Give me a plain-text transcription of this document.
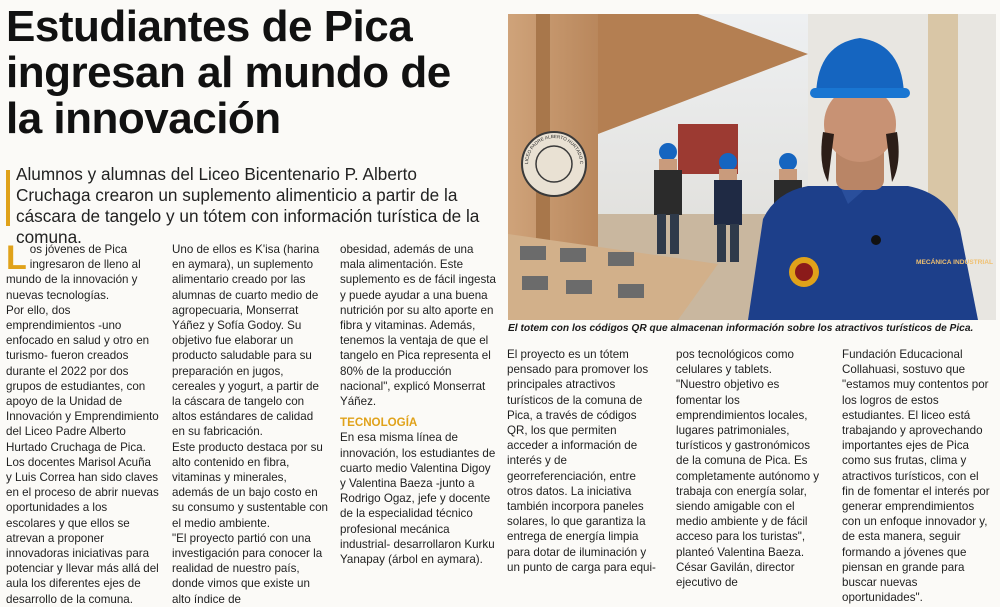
Estudiantes de Pica ingresan al mundo de la innovación

Alumnos y alumnas del Liceo Bicentenario P. Alberto Cruchaga crearon un suplemento alimenticio a partir de la cáscara de tangelo y un tótem con información turística de la comuna.

Los jóvenes de Pica ingresaron de lleno al mundo de la innovación y nuevas tecnologías.

Por ello, dos emprendimientos -uno enfocado en salud y otro en turismo- fueron creados durante el 2022 por dos grupos de estudiantes, con apoyo de la Unidad de Innovación y Emprendimiento del Liceo Padre Alberto Hurtado Cruchaga de Pica.

Los docentes Marisol Acuña y Luis Correa han sido claves en el proceso de abrir nuevas oportunidades a los escolares y que ellos se atrevan a proponer innovadoras iniciativas para potenciar y llevar más allá del aula los diferentes ejes de desarrollo de la comuna.

Uno de ellos es K'isa (harina en aymara), un suplemento alimentario creado por las alumnas de cuarto medio de agropecuaria, Monserrat Yáñez y Sofía Godoy. Su objetivo fue elaborar un producto saludable para su preparación en jugos, cereales y yogurt, a partir de la cáscara de tangelo con altos estándares de calidad en su fabricación.

Este producto destaca por su alto contenido en fibra, vitaminas y minerales, además de un bajo costo en su consumo y sustentable con el medio ambiente.

"El proyecto partió con una investigación para conocer la realidad de nuestro país, donde vimos que existe un alto índice de

obesidad, además de una mala alimentación. Este suplemento es de fácil ingesta y puede ayudar a una buena nutrición por su alto aporte en fibra y vitaminas. Además, tenemos la ventaja de que el tangelo en Pica representa el 80% de la producción nacional", explicó Monserrat Yáñez.

TECNOLOGÍA

En esa misma línea de innovación, los estudiantes de cuarto medio Valentina Digoy y Valentina Baeza -junto a Rodrigo Ogaz, jefe y docente de la especialidad técnico profesional mecánica industrial- desarrollaron Kurku Yanapay (árbol en aymara).

LICEO PADRE ALBERTO HURTADO C
MECÁNICA INDUSTRIAL

El totem con los códigos QR que almacenan información sobre los atractivos turísticos de Pica.

El proyecto es un tótem pensado para promover los principales atractivos turísticos de la comuna de Pica, a través de códigos QR, los que permiten acceder a información de interés y de georreferenciación, entre otros datos. La iniciativa también incorpora paneles solares, lo que garantiza la entrega de energía limpia para dotar de iluminación y un punto de carga para equi-

pos tecnológicos como celulares y tablets.

"Nuestro objetivo es fomentar los emprendimientos locales, lugares patrimoniales, turísticos y gastronómicos de la comuna de Pica. Es completamente autónomo y trabaja con energía solar, siendo amigable con el medio ambiente y de fácil acceso para los turistas", planteó Valentina Baeza.

César Gavilán, director ejecutivo de

Fundación Educacional Collahuasi, sostuvo que "estamos muy contentos por los logros de estos estudiantes. El liceo está trabajando y aprovechando importantes ejes de Pica como sus frutas, clima y atractivos turísticos, con el fin de fomentar el interés por generar emprendimientos con un enfoque innovador y, de esta manera, seguir formando a jóvenes que piensan en grande para buscar nuevas oportunidades".
